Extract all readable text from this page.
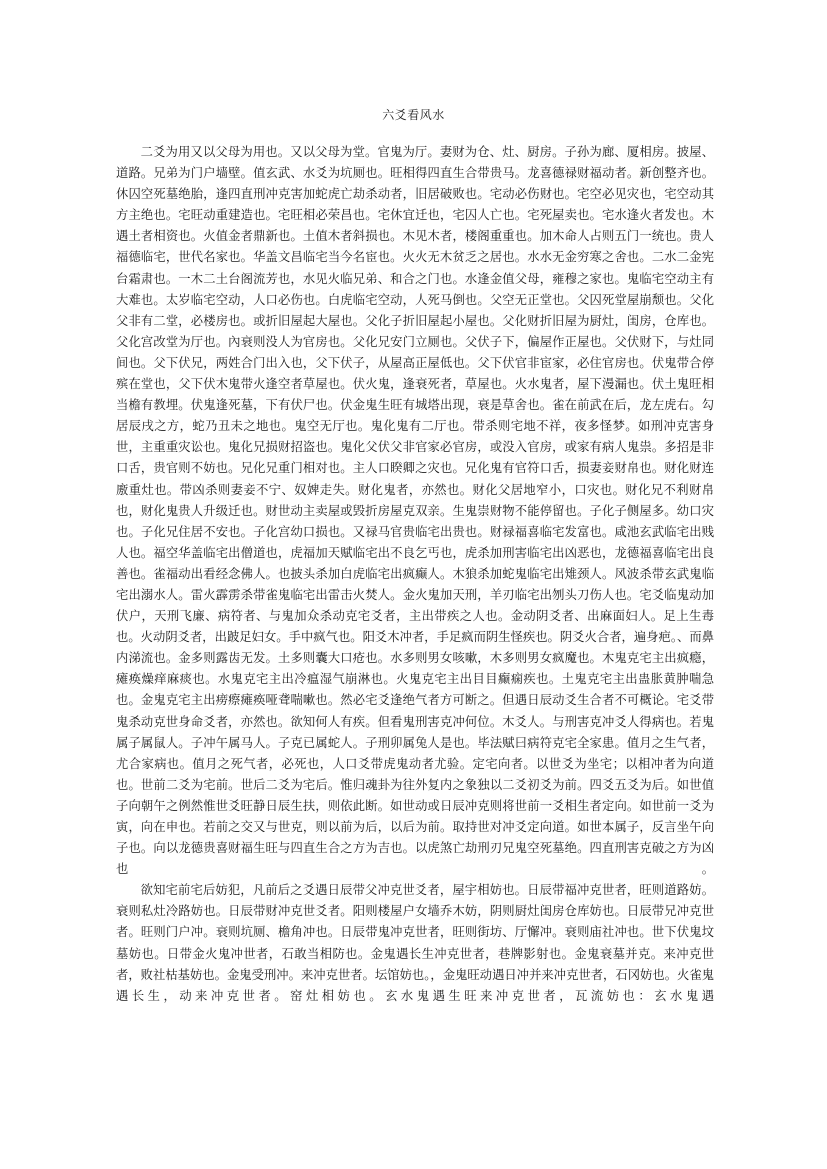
六爻看风水

二爻为用又以父母为用也。又以父母为堂。官鬼为厅。妻财为仓、灶、厨房。子孙为廊、厦相房。披屋、道路。兄弟为门户墙壁。值玄武、水爻为坑厕也。旺相得四直生合带贵马。龙喜德禄财福动者。新创整齐也。休囚空死墓绝胎，逢四直刑冲克害加蛇虎亡劫杀动者，旧居破败也。宅动必伤财也。宅空必见灾也，宅空动其方主绝也。宅旺动重建造也。宅旺相必荣昌也。宅休宜迁也，宅囚人亡也。宅死屋卖也。宅水逢火者发也。木遇土者相资也。火值金者鼎新也。土值木者斜损也。木见木者，楼阁重重也。加木命人占则五门一统也。贵人福德临宅，世代名家也。华盖文昌临宅当今名宦也。火火无木贫乏之居也。水水无金穷寒之舍也。二水二金宪台霜肃也。一木二土台阁流芳也，水见火临兄弟、和合之门也。水逢金值父母，雍穆之家也。鬼临宅空动主有大难也。太岁临宅空动，人口必伤也。白虎临宅空动，人死马倒也。父空无正堂也。父囚死堂屋崩颓也。父化父非有二堂，必楼房也。或折旧屋起大屋也。父化子折旧屋起小屋也。父化财折旧屋为厨灶，闺房，仓库也。父化宫改堂为厅也。內衰则没人为官房也。父化兄安门立厕也。父伏子下，偏屋作正屋也。父伏财下，与灶同间也。父下伏兄，两姓合门出入也，父下伏子，从屋高正屋低也。父下伏官非宦家，必住官房也。伏鬼带合停殡在堂也，父下伏木鬼带火逢空者草屋也。伏火鬼，逢衰死者，草屋也。火水鬼者，屋下漫漏也。伏土鬼旺相当檐有教埋。伏鬼逢死墓，下有伏尸也。伏金鬼生旺有城塔出现，衰是草舍也。雀在前武在后，龙左虎右。勾居辰戌之方，蛇乃丑未之地也。鬼空无厅也。鬼化鬼有二厅也。带杀则宅地不祥，夜多怪梦。如刑冲克害身世，主重重灾讼也。鬼化兄损财招盗也。鬼化父伏父非官家必官房，或没入官房，或家有病人鬼祟。多招是非口舌，贵官则不妨也。兄化兄重门相对也。主人口睽卿之灾也。兄化鬼有官符口舌，损妻妾财帛也。财化财连廒重灶也。带凶杀则妻妾不宁、奴婢走失。财化鬼者，亦然也。财化父居地窄小，口灾也。财化兄不利财帛也，财化鬼贵人升级迁也。财世动主卖屋或毁折房屋克双亲。生鬼崇财物不能停留也。子化子侧屋多。幼口灾也。子化兄住居不安也。子化宫幼口损也。又禄马官贵临宅出贵也。财禄福喜临宅发富也。咸池玄武临宅出贱人也。福空华盖临宅出僧道也，虎福加天赋临宅出不良乞丐也，虎杀加刑害临宅出凶恶也，龙德福喜临宅出良善也。雀福动出看经念佛人。也披头杀加白虎临宅出疯癫人。木狼杀加蛇鬼临宅出雉颈人。风波杀带玄武鬼临宅出溺水人。雷火霹雳杀带雀鬼临宅出雷击火焚人。金火鬼加天刑，羊刃临宅出刎头刀伤人也。宅爻临鬼动加伏户，天刑飞廉、病符者、与鬼加众杀动克宅爻者，主出带疾之人也。金动阴爻者、出麻面妇人。足上生毒也。火动阴爻者，出跛足妇女。手中疯气也。阳爻木冲者，手足疯而阴生怪疾也。阴爻火合者，遍身疤。、而鼻内涕流也。金多则露齿无发。土多则囊大口疮也。水多则男女咳嗽，木多则男女疯魔也。木鬼克宅主出疯瘾，瘫痪燥痒麻痰也。水鬼克宅主出冷瘟湿气崩淋也。火鬼克宅主出目目癫痫疾也。土鬼克宅主出蛊胀黄肿喘急也。金鬼克宅主出痨瘵瘫痪哑聋喘嗽也。然必宅爻逢绝气者方可断之。但遇日辰动爻生合者不可概论。宅爻带鬼杀动克世身命爻者，亦然也。欲知何人有疾。但看鬼刑害克冲何位。木爻人。与刑害克冲爻人得病也。若鬼属子属鼠人。子冲午属马人。子克已属蛇人。子刑卯属兔人是也。毕法赋曰病符克宅全家患。值月之生气者，尤合家病也。值月之死气者，必死也，人口爻带虎鬼动者尤验。定宅向者。以世爻为坐宅；以相冲者为向道也。世前二爻为宅前。世后二爻为宅后。惟归魂卦为往外复内之象独以二爻初爻为前。四爻五爻为后。如世值子向朝午之例然惟世爻旺静日辰生扶，则依此断。如世动或日辰冲克则将世前一爻相生者定向。如世前一爻为寅，向在申也。若前之交又与世克，则以前为后，以后为前。取持世对冲爻定向道。如世本属子，反言坐午向子也。向以龙德贵喜财福生旺与四直生合之方为吉也。以虎煞亡劫刑刃兄鬼空死墓绝。四直刑害克破之方为凶也。

欲知宅前宅后妨犯，凡前后之爻遇日辰带父冲克世爻者，屋宇相妨也。日辰带福冲克世者，旺则道路妨。衰则私灶冷路妨也。日辰带财冲克世爻者。阳则楼屋户女墙乔木妨，阴则厨灶闺房仓库妨也。日辰带兄冲克世者。旺则门户冲。衰则坑厕、檐角冲也。日辰带鬼冲克世者，旺则街坊、厅懈冲。衰则庙社冲也。世下伏鬼坟墓妨也。日带金火鬼冲世者，石敢当相防也。金鬼遇长生冲克世者，巷牌影射也。金鬼衰墓并克。来冲克世者，败社枯基妨也。金鬼受刑冲。来冲克世者。坛馆妨也。，金鬼旺动遇日冲并来冲克世者，石冈妨也。火雀鬼遇长生，动来冲克世者。窑灶相妨也。玄水鬼遇生旺来冲克世者，瓦流妨也：玄水鬼遇
